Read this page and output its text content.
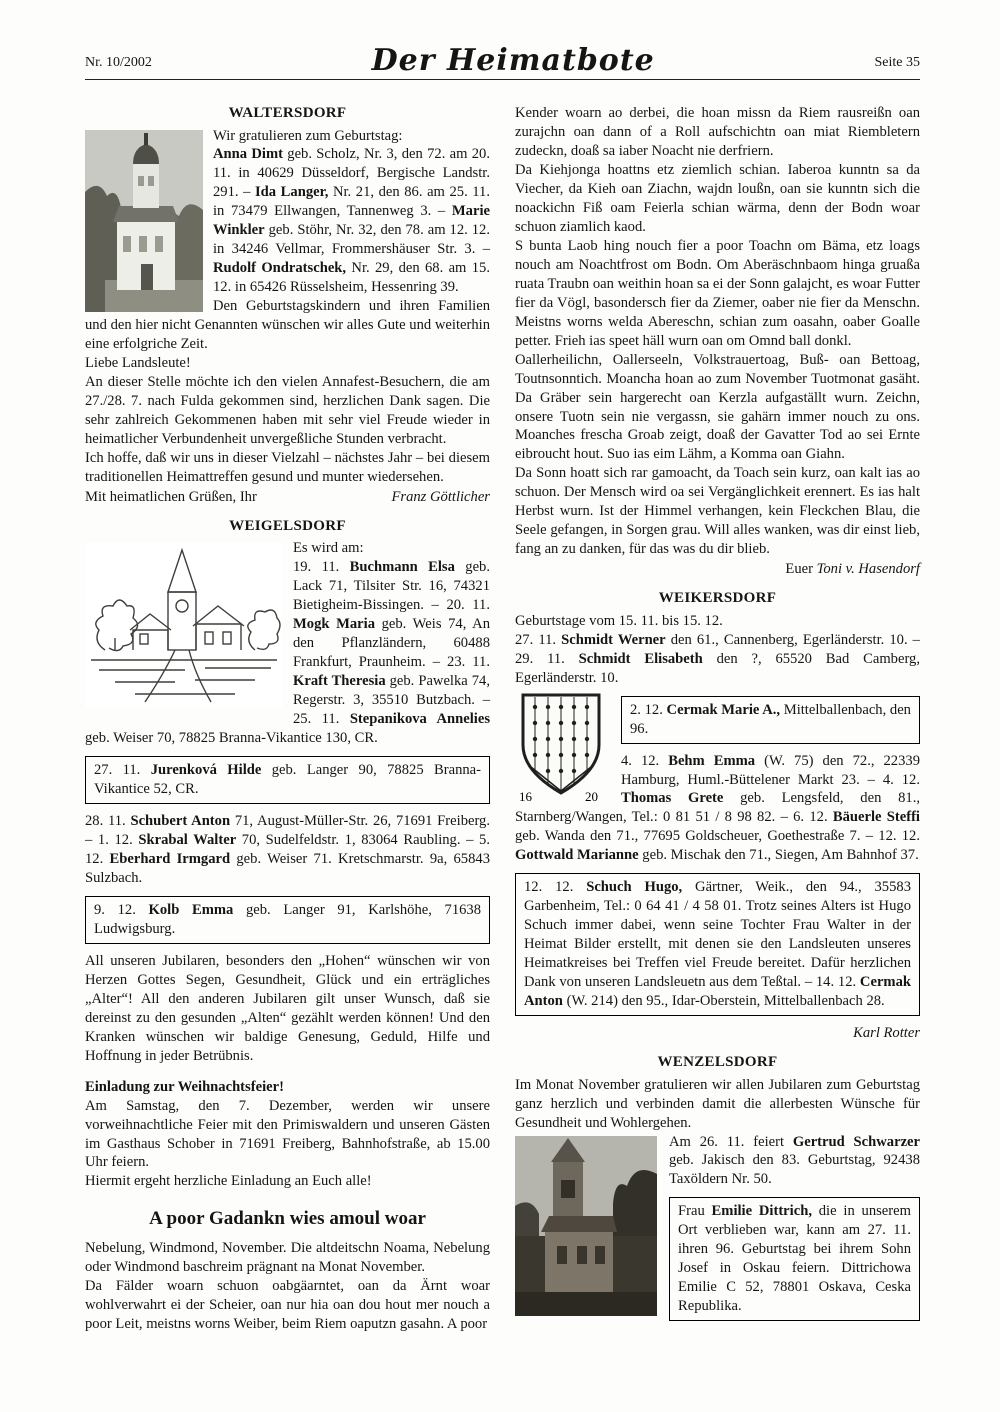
Nr. 10/2002	Der Heimatbote	Seite 35
WALTERSDORF

Wir gratulieren zum Geburtstag:

Anna Dimt geb. Scholz, Nr. 3, den 72. am 20. 11. in 40629 Düsseldorf, Bergische Landstr. 291. – Ida Langer, Nr. 21, den 86. am 25. 11. in 73479 Ellwangen, Tannenweg 3. – Marie Winkler geb. Stöhr, Nr. 32, den 78. am 12. 12. in 34246 Vellmar, Frommershäuser Str. 3. – Rudolf Ondratschek, Nr. 29, den 68. am 15. 12. in 65426 Rüsselsheim, Hessenring 39.

Den Geburtstagskindern und ihren Familien und den hier nicht Genannten wünschen wir alles Gute und weiterhin eine erfolgriche Zeit.

Liebe Landsleute!

An dieser Stelle möchte ich den vielen Annafest-Besuchern, die am 27./28. 7. nach Fulda gekommen sind, herzlichen Dank sagen. Die sehr zahlreich Gekommenen haben mit sehr viel Freude wieder in heimatlicher Verbundenheit unvergeßliche Stunden verbracht.

Ich hoffe, daß wir uns in dieser Vielzahl – nächstes Jahr – bei diesem traditionellen Heimattreffen gesund und munter wiedersehen.

Mit heimatlichen Grüßen, Ihr	Franz Göttlicher
WEIGELSDORF

Es wird am:

19. 11. Buchmann Elsa geb. Lack 71, Tilsiter Str. 16, 74321 Bietigheim-Bissingen. – 20. 11. Mogk Maria geb. Weis 74, An den Pflanzländern, 60488 Frankfurt, Praunheim. – 23. 11. Kraft Theresia geb. Pawelka 74, Regerstr. 3, 35510 Butzbach. – 25. 11. Stepanikova Annelies geb. Weiser 70, 78825 Branna-Vikantice 130, CR.

27. 11. Jurenková Hilde geb. Langer 90, 78825 Branna-Vikantice 52, CR.

28. 11. Schubert Anton 71, August-Müller-Str. 26, 71691 Freiberg. – 1. 12. Skrabal Walter 70, Sudelfeldstr. 1, 83064 Raubling. – 5. 12. Eberhard Irmgard geb. Weiser 71. Kretschmarstr. 9a, 65843 Sulzbach.

9. 12. Kolb Emma geb. Langer 91, Karlshöhe, 71638 Ludwigsburg.

All unseren Jubilaren, besonders den „Hohen“ wünschen wir von Herzen Gottes Segen, Gesundheit, Glück und ein erträgliches „Alter“! All den anderen Jubilaren gilt unser Wunsch, daß sie dereinst zu den gesunden „Alten“ gezählt werden können! Und den Kranken wünschen wir baldige Genesung, Geduld, Hilfe und Hoffnung in jeder Betrübnis.

Einladung zur Weihnachtsfeier!

Am Samstag, den 7. Dezember, werden wir unsere vorweihnachtliche Feier mit den Primiswaldern und unseren Gästen im Gasthaus Schober in 71691 Freiberg, Bahnhofstraße, ab 15.00 Uhr feiern.

Hiermit ergeht herzliche Einladung an Euch alle!

A poor Gadankn wies amoul woar

Nebelung, Windmond, November. Die altdeitschn Noama, Nebelung oder Windmond baschreim prägnant na Monat November.

Da Fälder woarn schuon oabgäarntet, oan da Ärnt woar wohlverwahrt ei der Scheier, oan nur hia oan dou hout mer nouch a poor Leit, meistns worns Weiber, beim Riem oaputzn gasahn. A poor

Kender woarn ao derbei, die hoan missn da Riem rausreißn oan zurajchn oan dann of a Roll aufschichtn oan miat Riembletern zudeckn, doaß sa iaber Noacht nie derfriern.

Da Kiehjonga hoattns etz ziemlich schian. Iaberoa kunntn sa da Viecher, da Kieh oan Ziachn, wajdn loußn, oan sie kunntn sich die noackichn Fiß oam Feierla schian wärma, denn der Bodn woar schuon ziamlich kaod.

S bunta Laob hing nouch fier a poor Toachn om Bäma, etz loags nouch am Noachtfrost om Bodn. Om Aberäschnbaom hinga gruaßa ruata Traubn oan weithin hoan sa ei der Sonn galajcht, es woar Futter fier da Vögl, basondersch fier da Ziemer, oaber nie fier da Menschn. Meistns worns welda Abereschn, schian zum oasahn, oaber Goalle petter. Frieh ias speet häll wurn oan om Omnd ball donkl.

Oallerheilichn, Oallerseeln, Volkstrauertoag, Buß- oan Bettoag, Toutnsonntich. Moancha hoan ao zum November Tuotmonat gasäht. Da Gräber sein hargerecht oan Kerzla aufgaställt wurn. Zeichn, onsere Tuotn sein nie vergassn, sie gahärn immer nouch zu ons. Moanches frescha Groab zeigt, doaß der Gavatter Tod ao sei Ernte eibroucht hout. Suo ias eim Lähm, a Komma oan Giahn.

Da Sonn hoatt sich rar gamoacht, da Toach sein kurz, oan kalt ias ao schuon. Der Mensch wird oa sei Vergänglichkeit erennert. Es ias halt Herbst wurn. Ist der Himmel verhangen, kein Fleckchen Blau, die Seele gefangen, in Sorgen grau. Will alles wanken, was dir einst lieb, fang an zu danken, für das was du dir blieb.

Euer Toni v. Hasendorf

WEIKERSDORF

Geburtstage vom 15. 11. bis 15. 12.

27. 11. Schmidt Werner den 61., Cannenberg, Egerländerstr. 10. – 29. 11. Schmidt Elisabeth den ?, 65520 Bad Camberg, Egerländerstr. 10.

16	20

2. 12. Cermak Marie A., Mittelballenbach, den 96.

4. 12. Behm Emma (W. 75) den 72., 22339 Hamburg, Huml.-Büttelener Markt 23. – 4. 12. Thomas Grete geb. Lengsfeld, den 81., Starnberg/Wangen, Tel.: 0 81 51 / 8 98 82. – 6. 12. Bäuerle Steffi geb. Wanda den 71., 77695 Goldscheuer, Goethestraße 7. – 12. 12. Gottwald Marianne geb. Mischak den 71., Siegen, Am Bahnhof 37.

12. 12. Schuch Hugo, Gärtner, Weik., den 94., 35583 Garbenheim, Tel.: 0 64 41 / 4 58 01. Trotz seines Alters ist Hugo Schuch immer dabei, wenn seine Tochter Frau Walter in der Heimat Bilder erstellt, mit denen sie den Landsleuten unseres Heimatkreises bei Treffen viel Freude bereitet. Dafür herzlichen Dank von unseren Landsleuetn aus dem Teßtal. – 14. 12. Cermak Anton (W. 214) den 95., Idar-Oberstein, Mittelballenbach 28.

Karl Rotter

WENZELSDORF

Im Monat November gratulieren wir allen Jubilaren zum Geburtstag ganz herzlich und verbinden damit die allerbesten Wünsche für Gesundheit und Wohlergehen.

Am 26. 11. feiert Gertrud Schwarzer geb. Jakisch den 83. Geburtstag, 92438 Taxöldern Nr. 50.

Frau Emilie Dittrich, die in unserem Ort verblieben war, kann am 27. 11. ihren 96. Geburtstag bei ihrem Sohn Josef in Oskau feiern. Dittrichowa Emilie C 52, 78801 Oskava, Ceska Republika.
